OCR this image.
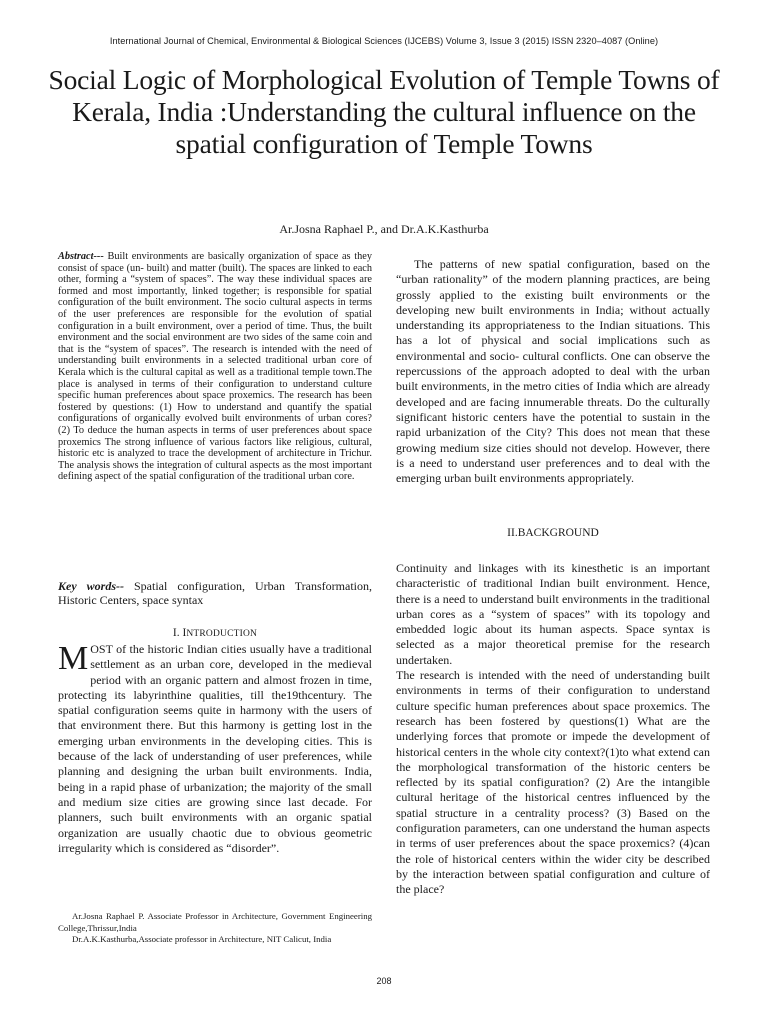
International Journal of Chemical, Environmental & Biological Sciences (IJCEBS) Volume 3, Issue 3 (2015) ISSN 2320–4087 (Online)
Social Logic of Morphological Evolution of Temple Towns of Kerala, India :Understanding the cultural influence on the spatial configuration of Temple Towns
Ar.Josna Raphael P., and Dr.A.K.Kasthurba
Abstract--- Built environments are basically organization of space as they consist of space (un- built) and matter (built). The spaces are linked to each other, forming a “system of spaces”. The way these individual spaces are formed and most importantly, linked together; is responsible for spatial configuration of the built environment. The socio cultural aspects in terms of the user preferences are responsible for the evolution of spatial configuration in a built environment, over a period of time. Thus, the built environment and the social environment are two sides of the same coin and that is the “system of spaces”. The research is intended with the need of understanding built environments in a selected traditional urban core of Kerala which is the cultural capital as well as a traditional temple town.The place is analysed in terms of their configuration to understand culture specific human preferences about space proxemics. The research has been fostered by questions: (1) How to understand and quantify the spatial configurations of organically evolved built environments of urban cores? (2) To deduce the human aspects in terms of user preferences about space proxemics The strong influence of various factors like religious, cultural, historic etc is analyzed to trace the development of architecture in Trichur. The analysis shows the integration of cultural aspects as the most important defining aspect of the spatial configuration of the traditional urban core.
Key words-- Spatial configuration, Urban Transformation, Historic Centers, space syntax
I. INTRODUCTION
MOST of the historic Indian cities usually have a traditional settlement as an urban core, developed in the medieval period with an organic pattern and almost frozen in time, protecting its labyrinthine qualities, till the19thcentury. The spatial configuration seems quite in harmony with the users of that environment there. But this harmony is getting lost in the emerging urban environments in the developing cities. This is because of the lack of understanding of user preferences, while planning and designing the urban built environments. India, being in a rapid phase of urbanization; the majority of the small and medium size cities are growing since last decade. For planners, such built environments with an organic spatial organization are usually chaotic due to obvious geometric irregularity which is considered as “disorder”.

Ar.Josna Raphael P. Associate Professor in Architecture, Government Engineering College,Thrissur,India

Dr.A.K.Kasthurba,Associate professor in Architecture, NIT Calicut, India

The patterns of new spatial configuration, based on the “urban rationality” of the modern planning practices, are being grossly applied to the existing built environments or the developing new built environments in India; without actually understanding its appropriateness to the Indian situations. This has a lot of physical and social implications such as environmental and socio- cultural conflicts. One can observe the repercussions of the approach adopted to deal with the urban built environments, in the metro cities of India which are already developed and are facing innumerable threats. Do the culturally significant historic centers have the potential to sustain in the rapid urbanization of the City? This does not mean that these growing medium size cities should not develop. However, there is a need to understand user preferences and to deal with the emerging urban built environments appropriately.

II.BACKGROUND

Continuity and linkages with its kinesthetic is an important characteristic of traditional Indian built environment. Hence, there is a need to understand built environments in the traditional urban cores as a “system of spaces” with its topology and embedded logic about its human aspects. Space syntax is selected as a major theoretical premise for the research undertaken.

The research is intended with the need of understanding built environments in terms of their configuration to understand culture specific human preferences about space proxemics. The research has been fostered by questions(1) What are the underlying forces that promote or impede the development of historical centers in the whole city context?(1)to what extend can the morphological transformation of the historic centers be reflected by its spatial configuration? (2) Are the intangible cultural heritage of the historical centres influenced by the spatial structure in a centrality process? (3) Based on the configuration parameters, can one understand the human aspects in terms of user preferences about the space proxemics? (4)can the role of historical centers within the wider city be described by the interaction between spatial configuration and culture of the place?

208
